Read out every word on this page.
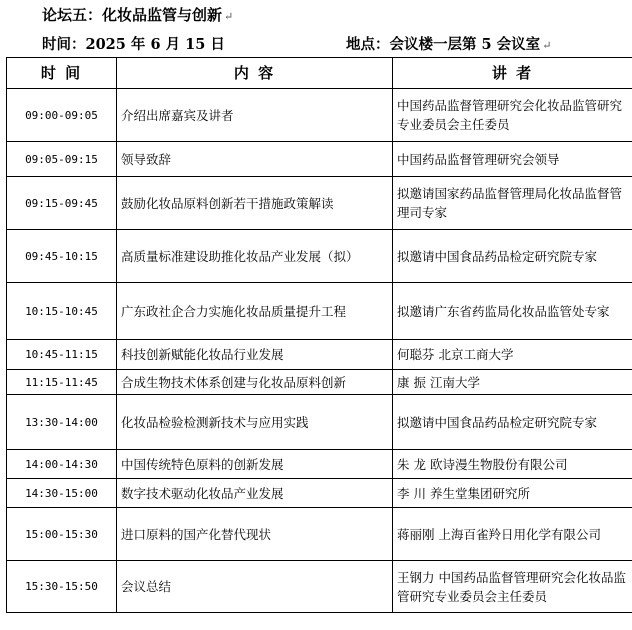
论坛五：化妆品监管与创新 ↵
时间：2025 年 6 月 15 日	地点：会议楼一层第 5 会议室 ↵
时 间	内 容	讲 者
09:00-09:05	介绍出席嘉宾及讲者	中国药品监督管理研究会化妆品监管研究专业委员会主任委员
09:05-09:15	领导致辞	中国药品监督管理研究会领导
09:15-09:45	鼓励化妆品原料创新若干措施政策解读	拟邀请国家药品监督管理局化妆品监督管理司专家
09:45-10:15	高质量标准建设助推化妆品产业发展（拟）	拟邀请中国食品药品检定研究院专家
10:15-10:45	广东政社企合力实施化妆品质量提升工程	拟邀请广东省药监局化妆品监管处专家
10:45-11:15	科技创新赋能化妆品行业发展	何聪芬 北京工商大学
11:15-11:45	合成生物技术体系创建与化妆品原料创新	康 振 江南大学
13:30-14:00	化妆品检验检测新技术与应用实践	拟邀请中国食品药品检定研究院专家
14:00-14:30	中国传统特色原料的创新发展	朱 龙 欧诗漫生物股份有限公司
14:30-15:00	数字技术驱动化妆品产业发展	李 川 养生堂集团研究所
15:00-15:30	进口原料的国产化替代现状	蒋丽刚 上海百雀羚日用化学有限公司
15:30-15:50	会议总结	王钢力 中国药品监督管理研究会化妆品监管研究专业委员会主任委员
